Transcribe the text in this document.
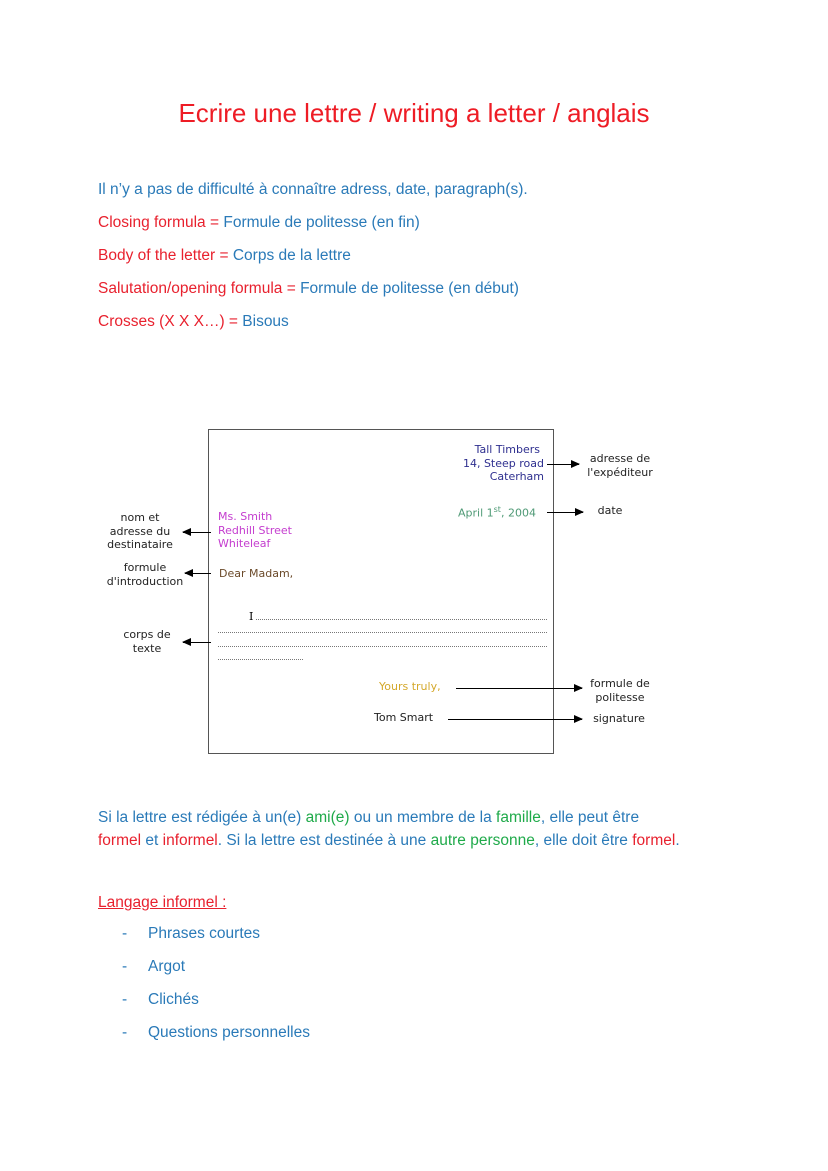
Ecrire une lettre / writing a letter / anglais
Il n’y a pas de difficulté à connaître adress, date, paragraph(s).
Closing formula = Formule de politesse (en fin)
Body of the letter = Corps de la lettre
Salutation/opening formula = Formule de politesse (en début)
Crosses (X X X…) = Bisous
Tall Timbers
14, Steep road
Caterham
April 1st, 2004
Ms. Smith
Redhill Street
Whiteleaf
Dear Madam,
I
Yours truly,
Tom Smart
adresse de
l'expéditeur
date
nom et
adresse du
destinataire
formule
d'introduction
corps de
texte
formule de
politesse
signature
Si la lettre est rédigée à un(e) ami(e) ou un membre de la famille, elle peut être
formel et informel. Si la lettre est destinée à une autre personne, elle doit être formel.
Langage informel :
- Phrases courtes
- Argot
- Clichés
- Questions personnelles
